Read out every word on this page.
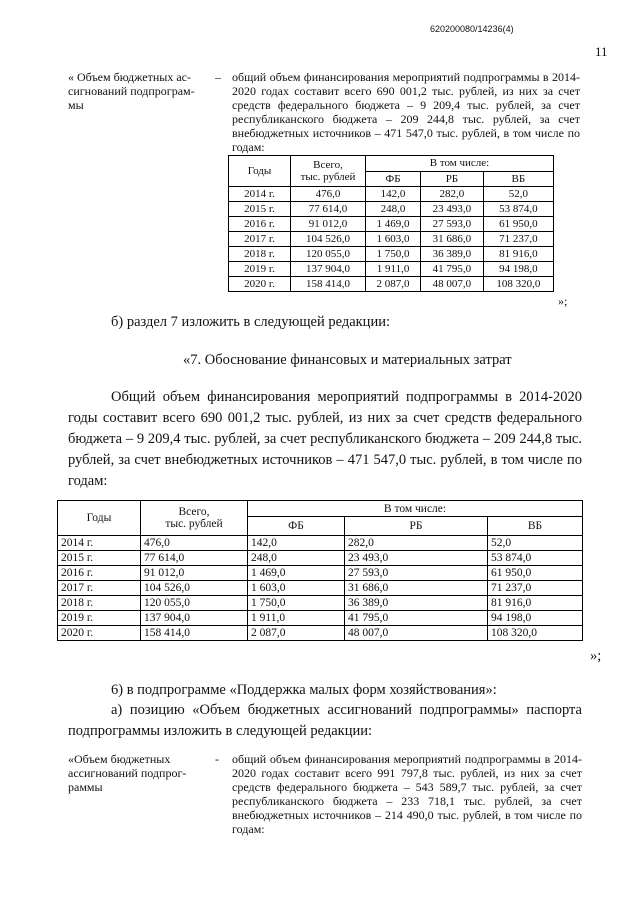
620200080/14236(4)
11
« Объем бюджетных ас-
сигнований подпрограм-
мы
– общий объем финансирования мероприятий подпрограммы в 2014-2020 годах составит всего 690 001,2 тыс. рублей, из них за счет средств федерального бюджета – 9 209,4 тыс. рублей, за счет республиканского бюджета – 209 244,8 тыс. рублей, за счет внебюджетных источников – 471 547,0 тыс. рублей, в том числе по годам:
Годы	Всего,
тыс. рублей	В том числе:		
		ФБ	РБ	ВБ
2014 г.	476,0	142,0	282,0	52,0
2015 г.	77 614,0	248,0	23 493,0	53 874,0
2016 г.	91 012,0	1 469,0	27 593,0	61 950,0
2017 г.	104 526,0	1 603,0	31 686,0	71 237,0
2018 г.	120 055,0	1 750,0	36 389,0	81 916,0
2019 г.	137 904,0	1 911,0	41 795,0	94 198,0
2020 г.	158 414,0	2 087,0	48 007,0	108 320,0
»;
б) раздел 7 изложить в следующей редакции:
«7. Обоснование финансовых и материальных затрат
Общий объем финансирования мероприятий подпрограммы в 2014-2020 годы составит всего 690 001,2 тыс. рублей, из них за счет средств федерального бюджета – 9 209,4 тыс. рублей, за счет республиканского бюджета – 209 244,8 тыс. рублей, за счет внебюджетных источников – 471 547,0 тыс. рублей, в том числе по годам:
Годы	Всего,
тыс. рублей	В том числе:		
		ФБ	РБ	ВБ
2014 г.	476,0	142,0	282,0	52,0
2015 г.	77 614,0	248,0	23 493,0	53 874,0
2016 г.	91 012,0	1 469,0	27 593,0	61 950,0
2017 г.	104 526,0	1 603,0	31 686,0	71 237,0
2018 г.	120 055,0	1 750,0	36 389,0	81 916,0
2019 г.	137 904,0	1 911,0	41 795,0	94 198,0
2020 г.	158 414,0	2 087,0	48 007,0	108 320,0
»;
6) в подпрограмме «Поддержка малых форм хозяйствования»:
а) позицию «Объем бюджетных ассигнований подпрограммы» паспорта подпрограммы изложить в следующей редакции:
«Объем бюджетных
ассигнований подпрог-
раммы
- общий объем финансирования мероприятий подпрограммы в 2014-2020 годах составит всего 991 797,8 тыс. рублей, из них за счет средств федерального бюджета – 543 589,7 тыс. рублей, за счет республиканского бюджета – 233 718,1 тыс. рублей, за счет внебюджетных источников – 214 490,0 тыс. рублей, в том числе по годам:
